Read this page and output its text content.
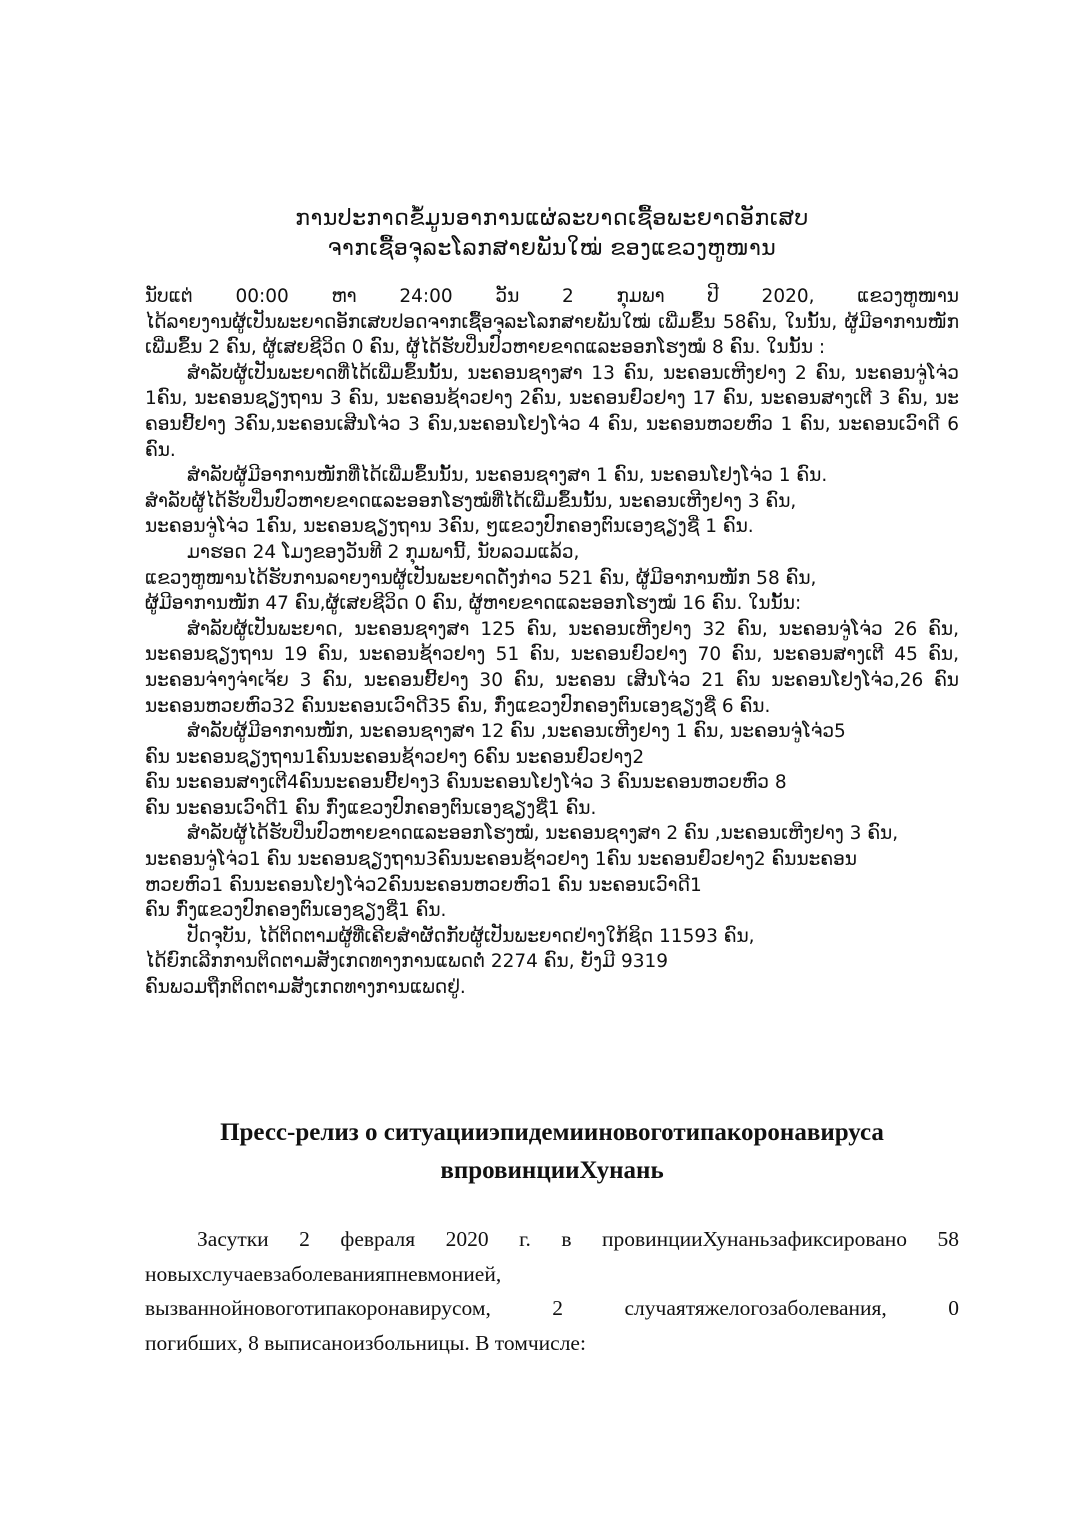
ການປະກາດຂໍ້ມູນອາການແຜ່ລະບາດເຊື້ອພະຍາດອັກເສບ
ຈາກເຊື້ອຈຸລະໂລກສາຍພັນໃໝ່ ຂອງແຂວງຫູໜານ

ນັບແຕ່ 00:00 ຫາ 24:00 ວັນ 2 ກຸມພາ ປີ 2020, ແຂວງຫູໜານ

ໄດ້ລາຍງານຜູ້ເປັນພະຍາດອັກເສບປອດຈາກເຊື້ອຈຸລະໂລກສາຍພັນໃໝ່ ເພີ່ມຂຶ້ນ 58ຄົນ, ໃນນັ້ນ, ຜູ້ມີອາການໜັກເພີ່ມຂຶ້ນ 2 ຄົນ, ຜູ້ເສຍຊີວິດ 0 ຄົນ, ຜູ້ໄດ້ຮັບປິ່ນປົວຫາຍຂາດແລະອອກໂຮງໝໍ 8 ຄົນ. ໃນນັ້ນ :

ສໍາລັບຜູ້ເປັນພະຍາດທີ່ໄດ້ເພີ່ມຂຶ້ນນັ້ນ, ນະຄອນຊາງສາ 13 ຄົນ, ນະຄອນເຫີງຢາງ 2 ຄົນ, ນະຄອນຈູ່ໂຈ່ວ 1ຄົນ, ນະຄອນຊຽງຖານ 3 ຄົນ, ນະຄອນຊ້າວຢາງ 2ຄົນ, ນະຄອນຢົວຢາງ 17 ຄົນ, ນະຄອນສາງເຕີ 3 ຄົນ, ນະຄອນຢີ້ຢາງ 3ຄົນ,ນະຄອນເສີນໂຈ່ວ 3 ຄົນ,ນະຄອນໂຢງໂຈ່ວ 4 ຄົນ, ນະຄອນຫວຍຫົວ 1 ຄົນ, ນະຄອນເວົາດີ 6 ຄົນ.

ສໍາລັບຜູ້ມີອາການໜັກທີ່ໄດ້ເພີ່ມຂຶ້ນນັ້ນ, ນະຄອນຊາງສາ 1 ຄົນ, ນະຄອນໂຢງໂຈ່ວ 1 ຄົນ.

ສໍາລັບຜູ້ໄດ້ຮັບປິ່ນປົວຫາຍຂາດແລະອອກໂຮງໝໍທີ່ໄດ້ເພີ່ມຂຶ້ນນັ້ນ, ນະຄອນເຫີງຢາງ 3 ຄົນ,

ນະຄອນຈູ່ໂຈ່ວ 1ຄົນ, ນະຄອນຊຽງຖານ 3ຄົນ, ໆແຂວງປົກຄອງຕົນເອງຊຽງຊີ່ 1 ຄົນ.

ມາຮອດ 24 ໂມງຂອງວັນທີ 2 ກຸມພານີ້, ນັບລວມແລ້ວ,

ແຂວງຫູໜານໄດ້ຮັບການລາຍງານຜູ້ເປັນພະຍາດດັ່ງກ່າວ 521 ຄົນ, ຜູ້ມີອາການໜັກ 58 ຄົນ,

ຜູ້ມີອາການໜັກ 47 ຄົນ,ຜູ້ເສຍຊີວິດ 0 ຄົນ, ຜູ້ຫາຍຂາດແລະອອກໂຮງໝໍ 16 ຄົນ. ໃນນັ້ນ:

ສໍາລັບຜູ້ເປັນພະຍາດ, ນະຄອນຊາງສາ 125 ຄົນ, ນະຄອນເຫີງຢາງ 32 ຄົນ, ນະຄອນຈູ່ໂຈ່ວ 26 ຄົນ, ນະຄອນຊຽງຖານ 19 ຄົນ, ນະຄອນຊ້າວຢາງ 51 ຄົນ, ນະຄອນຢົວຢາງ 70 ຄົນ, ນະຄອນສາງເຕີ 45 ຄົນ, ນະຄອນຈ່າງຈ່າເຈ້ຍ 3 ຄົນ, ນະຄອນຢີ້ຢາງ 30 ຄົນ, ນະຄອນ ເສີນໂຈ່ວ 21 ຄົນ ນະຄອນໂຢງໂຈ່ວ,26 ຄົນ ນະຄອນຫວຍຫົວ32 ຄົນນະຄອນເວົາດີ35 ຄົນ, ກົ່ງແຂວງປົກຄອງຕົນເອງຊຽງຊີ່ 6 ຄົນ.

ສໍາລັບຜູ້ມີອາການໜັກ, ນະຄອນຊາງສາ 12 ຄົນ ,ນະຄອນເຫີງຢາງ 1 ຄົນ, ນະຄອນຈູ່ໂຈ່ວ5

ຄົນ ນະຄອນຊຽງຖານ1ຄົນນະຄອນຊ້າວຢາງ 6ຄົນ ນະຄອນຢົວຢາງ2

ຄົນ ນະຄອນສາງເຕີ4ຄົນນະຄອນຢີ້ຢາງ3 ຄົນນະຄອນໂຢງໂຈ່ວ 3 ຄົນນະຄອນຫວຍຫົວ 8

ຄົນ ນະຄອນເວົາດີ1 ຄົນ ກົ່ງແຂວງປົກຄອງຕົນເອງຊຽງຊີ່1 ຄົນ.

ສໍາລັບຜູ້ໄດ້ຮັບປິ່ນປົວຫາຍຂາດແລະອອກໂຮງໝໍ, ນະຄອນຊາງສາ 2 ຄົນ ,ນະຄອນເຫີງຢາງ 3 ຄົນ,

ນະຄອນຈູ່ໂຈ່ວ1 ຄົນ ນະຄອນຊຽງຖານ3ຄົນນະຄອນຊ້າວຢາງ 1ຄົນ ນະຄອນຢົວຢາງ2 ຄົນນະຄອນ

ຫວຍຫົວ1 ຄົນນະຄອນໂຢງໂຈ່ວ2ຄົນນະຄອນຫວຍຫົວ1 ຄົນ ນະຄອນເວົາດີ1

ຄົນ ກົ່ງແຂວງປົກຄອງຕົນເອງຊຽງຊີ່1 ຄົນ.

ປັດຈຸບັນ, ໄດ້ຕິດຕາມຜູ້ທີ່ເຄີຍສໍາຜັດກັບຜູ້ເປັນພະຍາດຢ່າງໃກ້ຊິດ 11593 ຄົນ,

ໄດ້ຍົກເລີກການຕິດຕາມສັງເກດທາງການແພດຕໍ່ 2274 ຄົນ, ຍັງມີ 9319

ຄົນພວມຖືກຕິດຕາມສັງເກດທາງການແພດຢູ່.

Пресс-релиз о ситуацииэпидемииновоготипакоронавируса
впровинцииХунань
Засутки 2 февраля 2020 г. в провинцииХунаньзафиксировано 58
новыхслучаевзаболеванияпневмонией,
вызваннойновоготипакоронавирусом, 2 случаятяжелогозаболевания, 0
погибших, 8 выписаноизбольницы. В томчисле:
